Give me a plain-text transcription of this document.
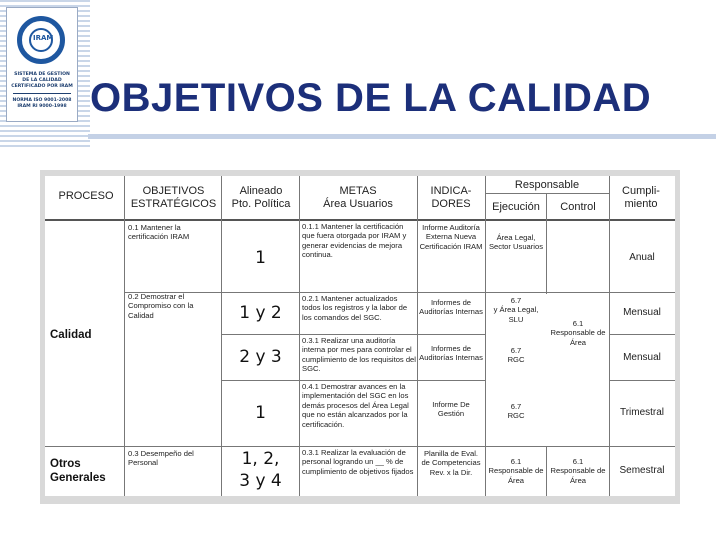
IRAM
SISTEMA DE GESTION
DE LA CALIDAD
CERTIFICADO POR IRAM
NORMA ISO 9001-2008
IRAM RI 9000-1998 OBJETIVOS DE LA CALIDAD
PROCESO	OBJETIVOS
ESTRATÉGICOS
Alineado
Pto. Política
METAS
Área Usuarios
INDICA-
DORES
Responsable
Ejecución	Control
Cumpli-
miento
Calidad
Otros
Generales
0.1 Mantener la certificación IRAM
0.2 Demostrar el Compromiso con la Calidad
0.3 Desempeño del Personal
1
1 y 2
2 y 3
1
1, 2,
3 y 4
0.1.1 Mantener la certificación que fuera otorgada por IRAM y generar evidencias de mejora continua.
0.2.1 Mantener actualizados todos los registros y la labor de los comandos del SGC.
0.3.1 Realizar una auditoría interna por mes para controlar el cumplimiento de los requisitos del SGC.
0.4.1 Demostrar avances en la implementación del SGC en los demás procesos del Área Legal que no están alcanzados por la certificación.
0.3.1 Realizar la evaluación de personal logrando un __ % de cumplimiento de objetivos fijados
Informe Auditoría Externa Nueva Certificación IRAM
Informes de Auditorías Internas
Informes de Auditorías Internas
Informe De Gestión
Planilla de Eval. de Competencias Rev. x la Dir.
Área Legal, Sector Usuarios
6.7
y Área Legal, SLU
6.7
RGC
6.7
RGC
6.1
Responsable de Área
6.1
Responsable de Área
6.1
Responsable de Área
Anual
Mensual
Mensual
Trimestral
Semestral
